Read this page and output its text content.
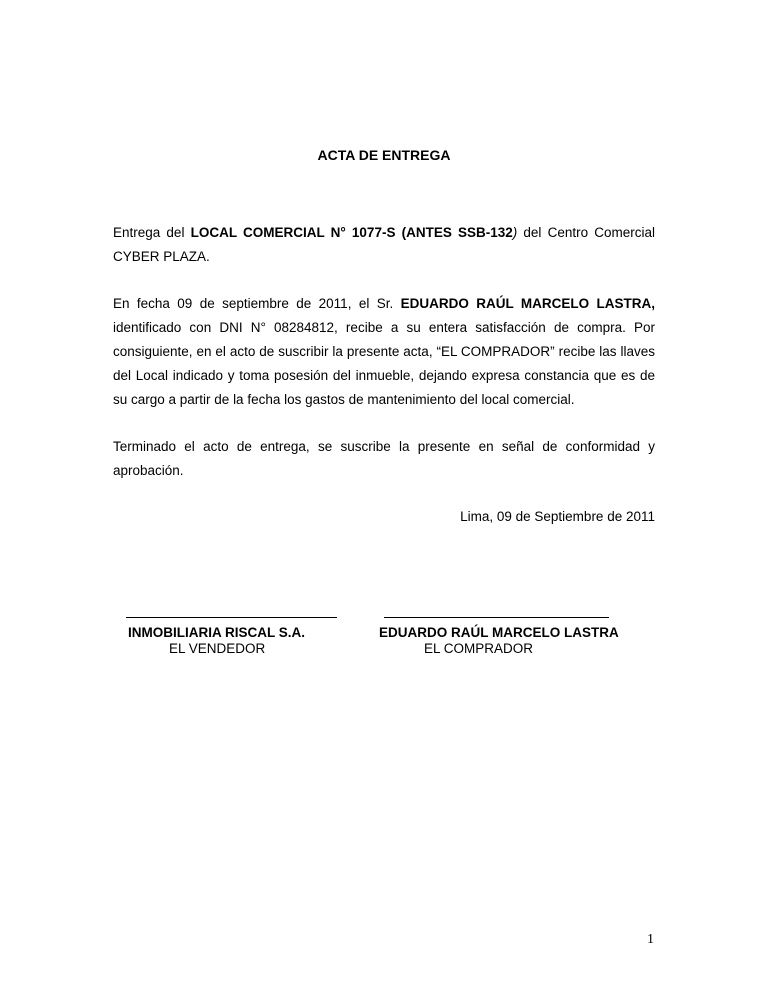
ACTA DE ENTREGA

Entrega del LOCAL COMERCIAL N° 1077-S (ANTES SSB-132) del Centro Comercial CYBER PLAZA.

En fecha 09 de septiembre de 2011, el Sr. EDUARDO RAÚL MARCELO LASTRA, identificado con DNI N° 08284812, recibe a su entera satisfacción de compra. Por consiguiente, en el acto de suscribir la presente acta, “EL COMPRADOR” recibe las llaves del Local indicado y toma posesión del inmueble, dejando expresa constancia que es de su cargo a partir de la fecha los gastos de mantenimiento del local comercial.

Terminado el acto de entrega, se suscribe la presente en señal de conformidad y aprobación.

Lima, 09 de Septiembre de 2011
INMOBILIARIA RISCAL S.A.	EDUARDO RAÚL MARCELO LASTRA
EL VENDEDOR	EL COMPRADOR
1
